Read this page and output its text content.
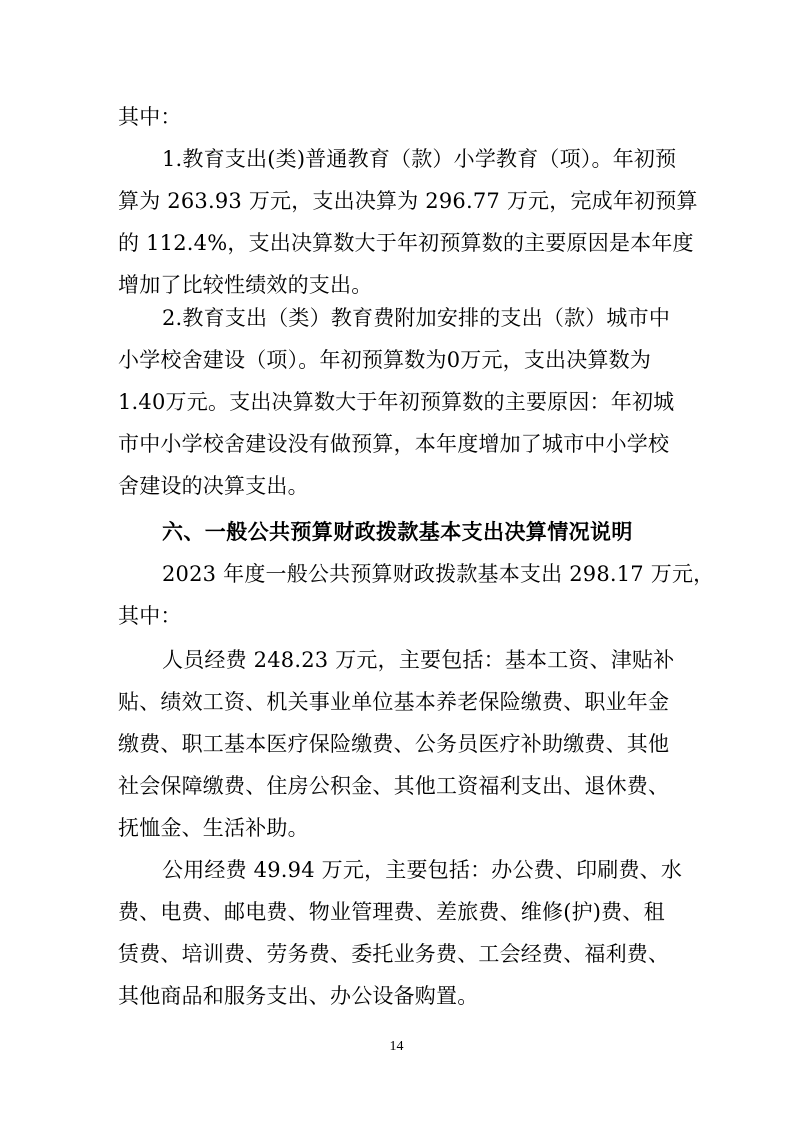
其中：
1.教育支出(类)普通教育（款）小学教育（项）。年初预
算为 263.93 万元，支出决算为 296.77 万元，完成年初预算
的 112.4%，支出决算数大于年初预算数的主要原因是本年度
增加了比较性绩效的支出。
2.教育支出（类）教育费附加安排的支出（款）城市中
小学校舍建设（项）。年初预算数为0万元，支出决算数为
1.40万元。支出决算数大于年初预算数的主要原因：年初城
市中小学校舍建设没有做预算，本年度增加了城市中小学校
舍建设的决算支出。
六、一般公共预算财政拨款基本支出决算情况说明
2023 年度一般公共预算财政拨款基本支出 298.17 万元，
其中：
人员经费 248.23 万元，主要包括：基本工资、津贴补
贴、绩效工资、机关事业单位基本养老保险缴费、职业年金
缴费、职工基本医疗保险缴费、公务员医疗补助缴费、其他
社会保障缴费、住房公积金、其他工资福利支出、退休费、
抚恤金、生活补助。
公用经费 49.94 万元，主要包括：办公费、印刷费、水
费、电费、邮电费、物业管理费、差旅费、维修(护)费、租
赁费、培训费、劳务费、委托业务费、工会经费、福利费、
其他商品和服务支出、办公设备购置。
14
